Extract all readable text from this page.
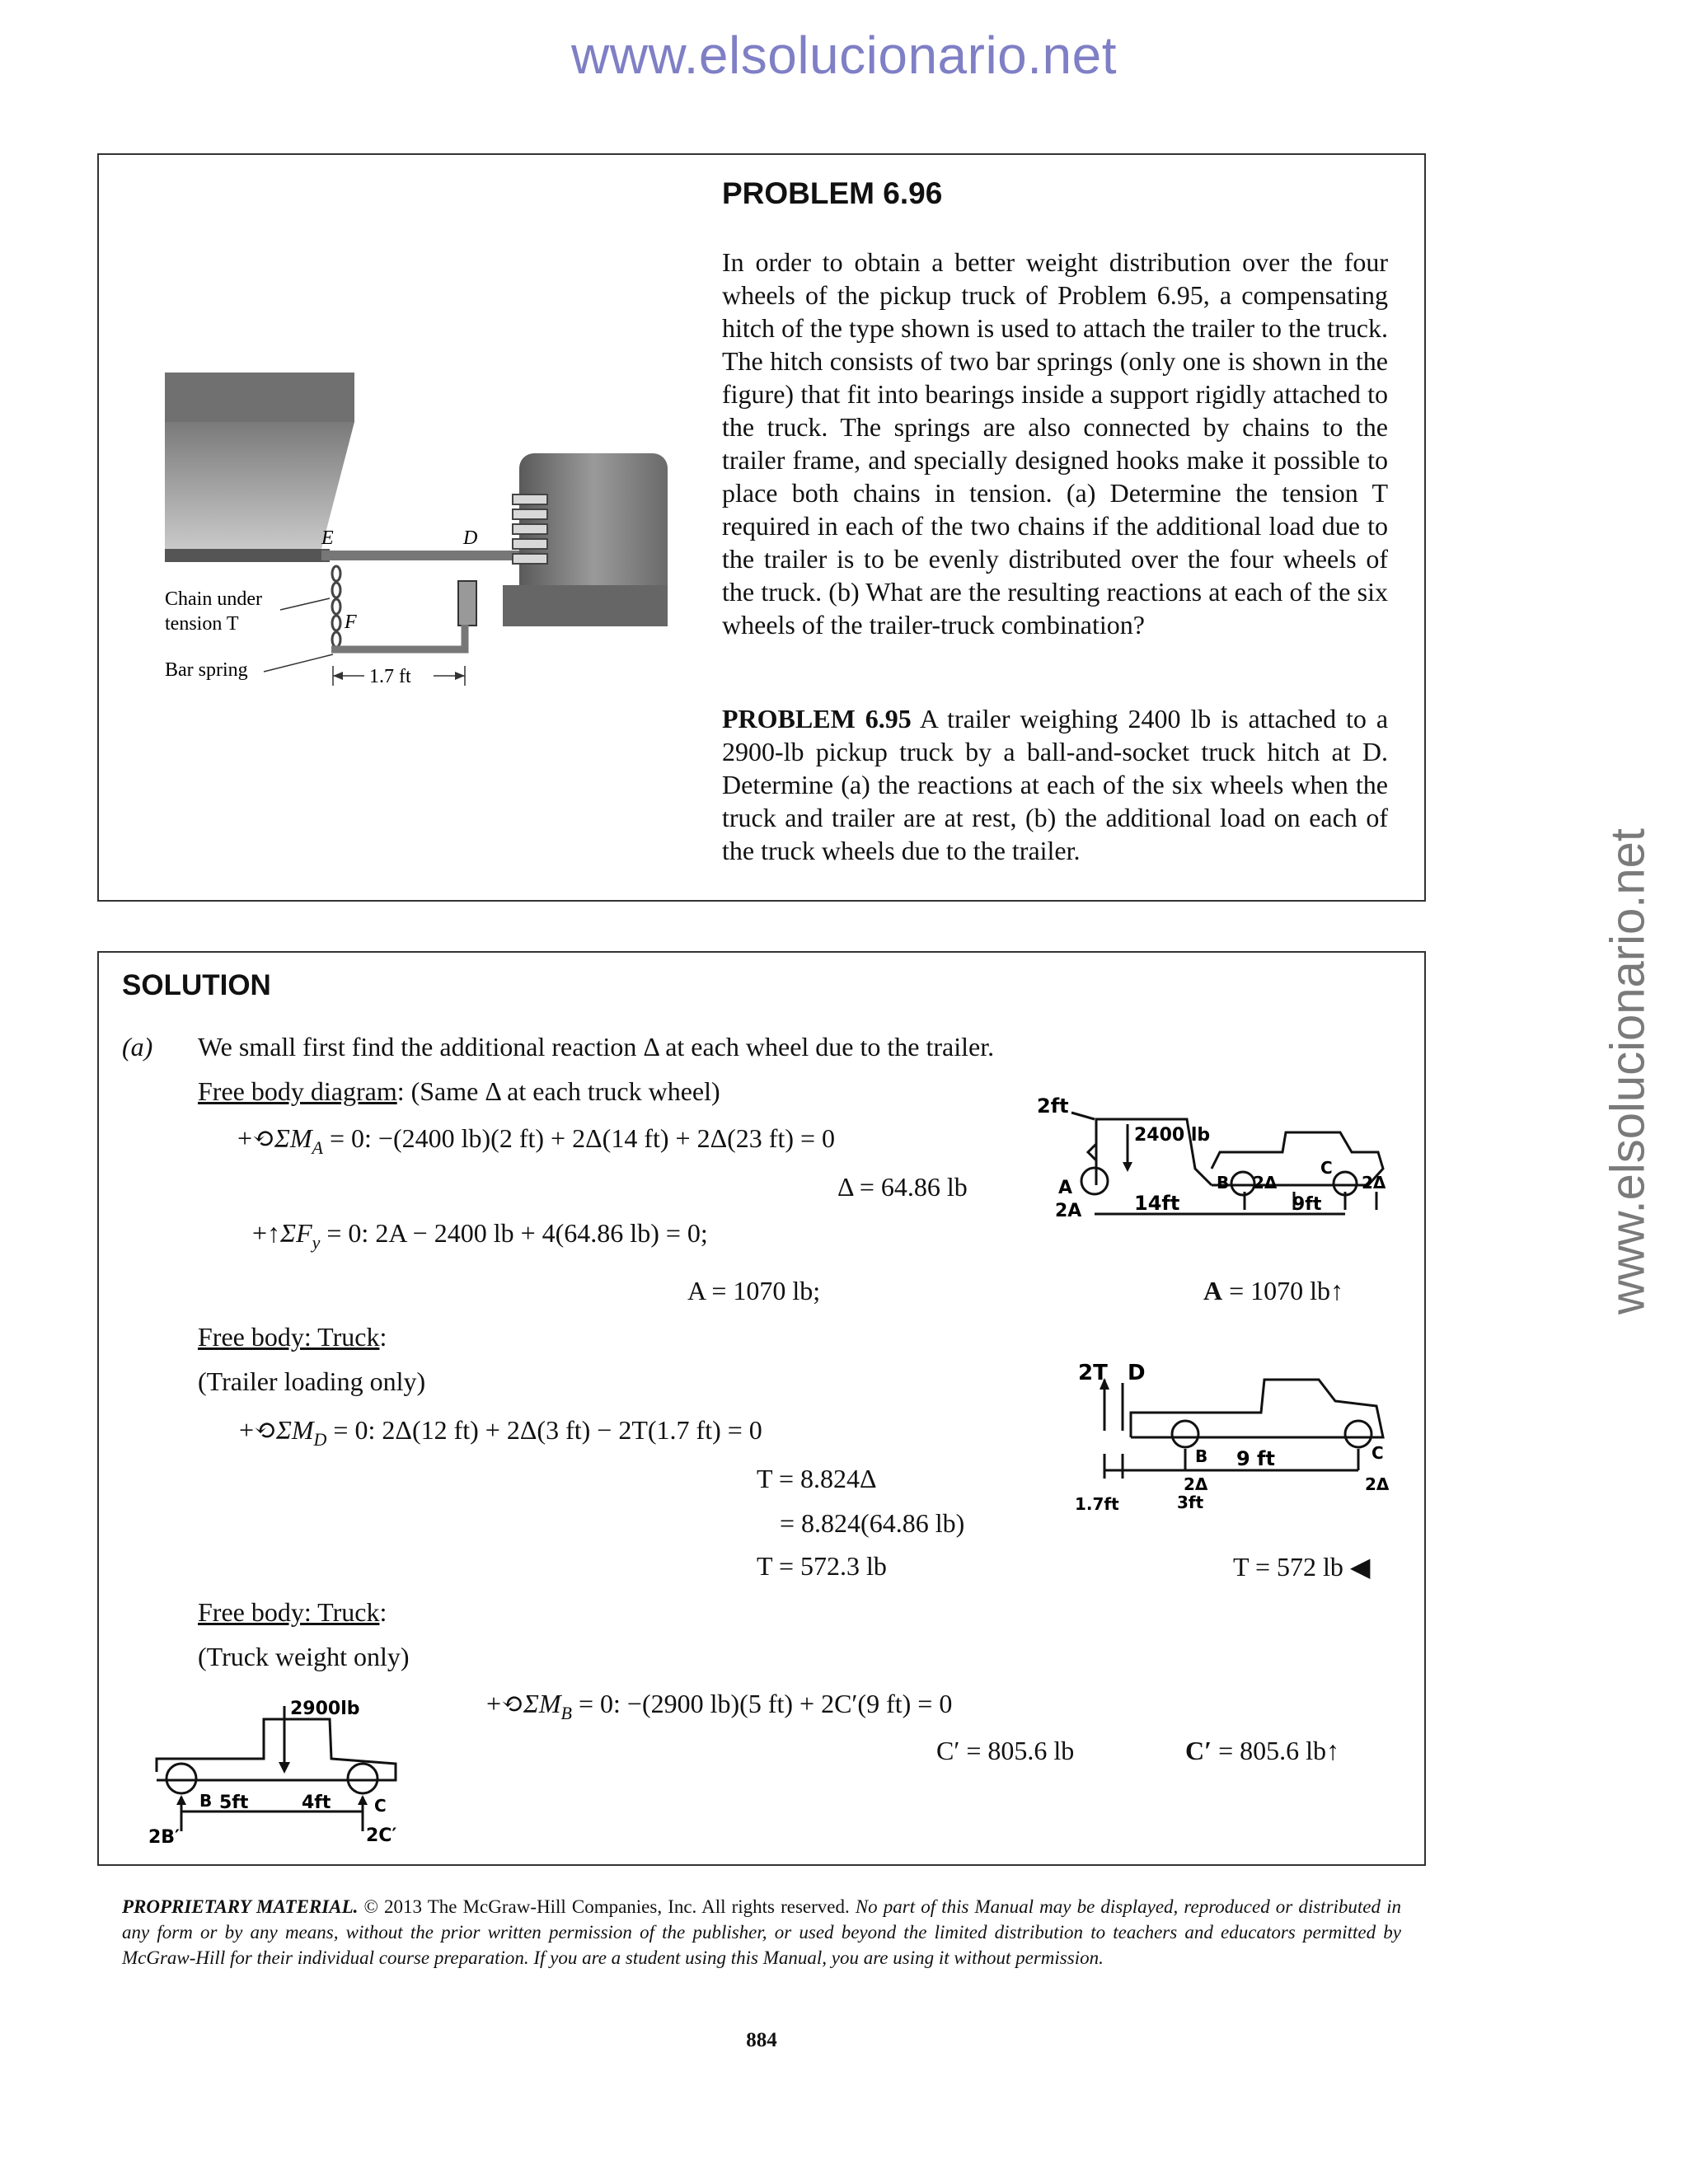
www.elsolucionario.net
www.elsolucionario.net
PROBLEM 6.96
In order to obtain a better weight distribution over the four wheels of the pickup truck of Problem 6.95, a compensating hitch of the type shown is used to attach the trailer to the truck. The hitch consists of two bar springs (only one is shown in the figure) that fit into bearings inside a support rigidly attached to the truck. The springs are also connected by chains to the trailer frame, and specially designed hooks make it possible to place both chains in tension. (a) Determine the tension T required in each of the two chains if the additional load due to the trailer is to be evenly distributed over the four wheels of the truck. (b) What are the resulting reactions at each of the six wheels of the trailer-truck combination?
PROBLEM 6.95 A trailer weighing 2400 lb is attached to a 2900-lb pickup truck by a ball-and-socket truck hitch at D. Determine (a) the reactions at each of the six wheels when the truck and trailer are at rest, (b) the additional load on each of the truck wheels due to the trailer.
E	D
F
Chain under
tension T
Bar spring	1.7 ft
SOLUTION
(a) We small first find the additional reaction Δ at each wheel due to the trailer.
Free body diagram: (Same Δ at each truck wheel)
$+⟲\Sigma M_A = 0$: −(2400 lb)(2 ft) + 2Δ(14 ft) + 2Δ(23 ft) = 0
Δ = 64.86 lb
$+↑\Sigma F_y = 0$: 2A − 2400 lb + 4(64.86 lb) = 0;
A = 1070 lb;	A = 1070 lb↑
Free body: Truck:
(Trailer loading only)
$+⟲\Sigma M_D = 0$: 2Δ(12 ft) + 2Δ(3 ft) − 2T(1.7 ft) = 0
T = 8.824Δ
= 8.824(64.86 lb)
T = 572.3 lb	T = 572 lb ◀
Free body: Truck:
(Truck weight only)
$+⟲\Sigma M_B = 0$: −(2900 lb)(5 ft) + 2C′(9 ft) = 0
C′ = 805.6 lb	C′ = 805.6 lb↑
2ft
2400 lb
A
2A	14ft
B 2Δ
C
2Δ
9ft
2T D
B	C
9 ft
2Δ	2Δ
1.7ft	3ft
2900lb
B 5ft	4ft	C
2B′	2C′
PROPRIETARY MATERIAL. © 2013 The McGraw-Hill Companies, Inc. All rights reserved. No part of this Manual may be displayed, reproduced or distributed in any form or by any means, without the prior written permission of the publisher, or used beyond the limited distribution to teachers and educators permitted by McGraw-Hill for their individual course preparation. If you are a student using this Manual, you are using it without permission.
884
